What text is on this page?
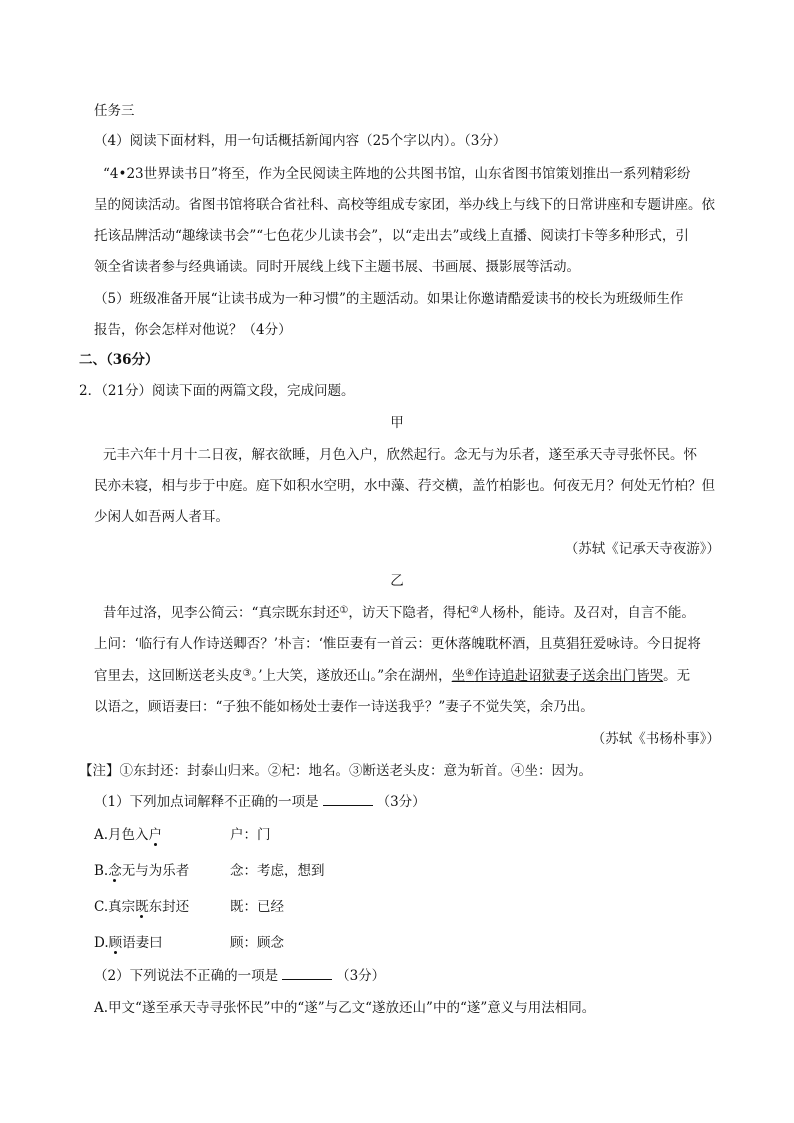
任务三
（4）阅读下面材料，用一句话概括新闻内容（25个字以内）。（3分）
“4•23世界读书日”将至，作为全民阅读主阵地的公共图书馆，山东省图书馆策划推出一系列精彩纷
呈的阅读活动。省图书馆将联合省社科、高校等组成专家团，举办线上与线下的日常讲座和专题讲座。依
托该品牌活动“趣缘读书会”“七色花少儿读书会”，以“走出去”或线上直播、阅读打卡等多种形式，引
领全省读者参与经典诵读。同时开展线上线下主题书展、书画展、摄影展等活动。
（5）班级准备开展“让读书成为一种习惯”的主题活动。如果让你邀请酷爱读书的校长为班级师生作
报告，你会怎样对他说？（4分）
二、（36分）
2．（21分）阅读下面的两篇文段，完成问题。
甲
元丰六年十月十二日夜，解衣欲睡，月色入户，欣然起行。念无与为乐者，遂至承天寺寻张怀民。怀
民亦未寝，相与步于中庭。庭下如积水空明，水中藻、荇交横，盖竹柏影也。何夜无月？何处无竹柏？但
少闲人如吾两人者耳。
（苏轼《记承天寺夜游》）
乙
昔年过洛，见李公简云：“真宗既东封还①，访天下隐者，得杞②人杨朴，能诗。及召对，自言不能。
上问：‘临行有人作诗送卿否？’朴言：‘惟臣妻有一首云：更休落魄耽杯酒，且莫猖狂爱咏诗。今日捉将
官里去，这回断送老头皮③。’上大笑，遂放还山。”余在湖州，坐④作诗追赴诏狱妻子送余出门皆哭。无
以语之，顾语妻曰：“子独不能如杨处士妻作一诗送我乎？”妻子不觉失笑，余乃出。
（苏轼《书杨朴事》）
【注】①东封还：封泰山归来。②杞：地名。③断送老头皮：意为斩首。④坐：因为。
（1）下列加点词解释不正确的一项是	（3分）
A.月色入户	户：门
B.念无与为乐者	念：考虑，想到
C.真宗既东封还	既：已经
D.顾语妻曰	顾：顾念
（2）下列说法不正确的一项是	（3分）
A.甲文“遂至承天寺寻张怀民”中的“遂”与乙文“遂放还山”中的“遂”意义与用法相同。
